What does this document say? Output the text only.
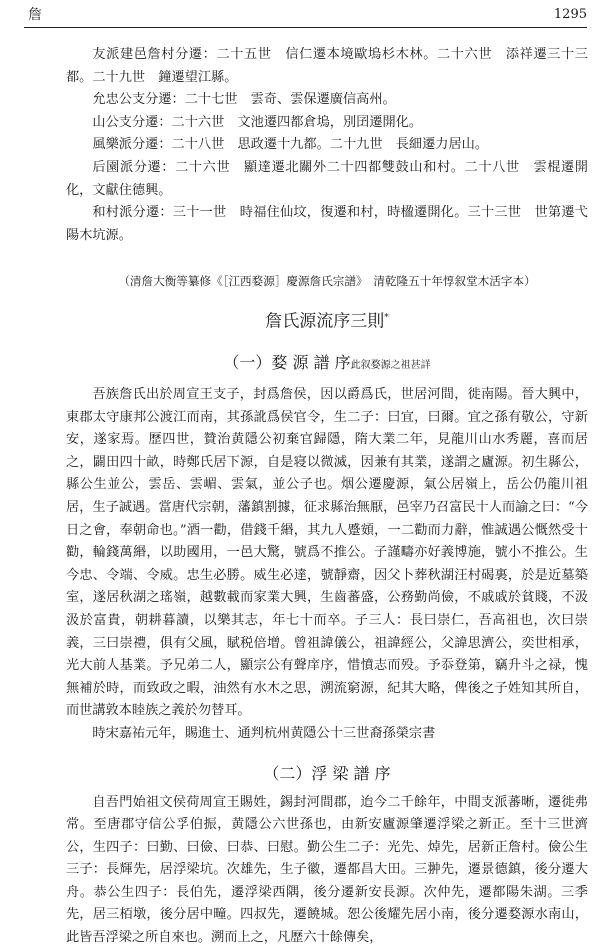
詹	1295

友派建邑詹村分遷：二十五世　信仁遷本境歐塢杉木林。二十六世　添祥遷三十三都。二十九世　鐘遷望江縣。

允忠公支分遷：二十七世　雲奇、雲保遷廣信高州。

山公支分遷：二十六世　文池遷四都倉塢，別囝遷開化。

風樂派分遷：二十八世　思政遷十九都。二十九世　長細遷力居山。

后園派分遷：二十六世　顯達遷北關外二十四都雙鼓山和村。二十八世　雲棍遷開化，文獻住德興。

和村派分遷：三十一世　時福住仙坟，復遷和村，時楹遷開化。三十三世　世第遷弋陽木坑源。

（清詹大衡等纂修《［江西婺源］慶源詹氏宗譜》　清乾隆五十年惇叙堂木活字本）

詹氏源流序三則*

（一）婺 源 譜 序此叙婺源之祖甚詳

吾族詹氏出於周宣王支子，封爲詹侯，因以爵爲氏，世居河間，徙南陽。晉大興中，東郡太守康邦公渡江而南，其孫訛爲侯官令，生二子：曰宜，曰爾。宜之孫有敬公，守新安，遂家焉。歷四世，贊治黄隱公初棄官歸隱，隋大業二年，見龍川山水秀麗，喜而居之，闢田四十畝，時鄭氏居下源，自是寝以微滅，因兼有其業，遂謂之廬源。初生縣公，縣公生並公，雲岳、雲嵋、雲氣，並公子也。烟公遷慶源，氣公居嶺上，岳公仍龍川祖居，生子誠遇。當唐代宗朝，藩鎮割據，征求縣治無厭，邑宰乃召富民十人而諭之曰：“今日之會，奉朝命也。”酒一勸，借錢千緡，其九人蹙頞，一二勸而力辭，惟誠遇公慨然受十勸，輪錢萬緡，以助國用，一邑大驚，號爲不推公。子謹疇亦好義博施，號小不推公。生今忠、令端、令威。忠生必勝。威生必達，號靜齋，因父卜葬秋湖汪村碣裏，於是近墓築室，遂居秋湖之瑤嶺，越數載而家業大興，生齒蕃盛，公務勤尚儉，不戚戚於貧賤，不汲汲於富貴，朝耕暮讀，以樂其志，年七十而卒。子三人：長曰崇仁，吾高祖也，次曰崇義，三曰崇禮，俱有父風，賦税倍增。曾祖諱儀公，祖諱經公，父諱思濟公，奕世相承，光大前人基業。予兄弟二人，顯宗公有聲庠序，惜憤志而殁。予忝登第，竊升斗之禄，愧無補於時，而致政之暇，油然有水木之思，溯流窮源，紀其大略，俾後之子姓知其所自，而世講敦本睦族之義於勿替耳。

時宋嘉祐元年，賜進士、通判杭州黄隱公十三世裔孫榮宗書

（二）浮 梁 譜 序

自吾門始祖文侯荷周宣王賜姓，錫封河間郡，迨今二千餘年，中間支派蕃晰，遷徙弗常。至唐郡守信公孚伯振，黄隱公六世孫也，由新安廬源肇遷浮梁之新正。至十三世濟公，生四子：曰勤、曰儉、曰恭、曰慰。勤公生二子：光先、焯先，居新正詹村。儉公生三子：長輝先，居浮梁坑。次雄先，生子徽，遷都昌大田。三翀先，遷景德鎮，後分遷大舟。恭公生四子：長伯先，遷浮梁西隅，後分遷新安長源。次仲先，遷都陽朱湖。三季先，居三栢墩，後分居中疃。四叔先，遷饒城。恕公後耀先居小南，後分遷婺源水南山，此皆吾浮梁之所自來也。溯而上之，凡歷六十餘傳矣，
